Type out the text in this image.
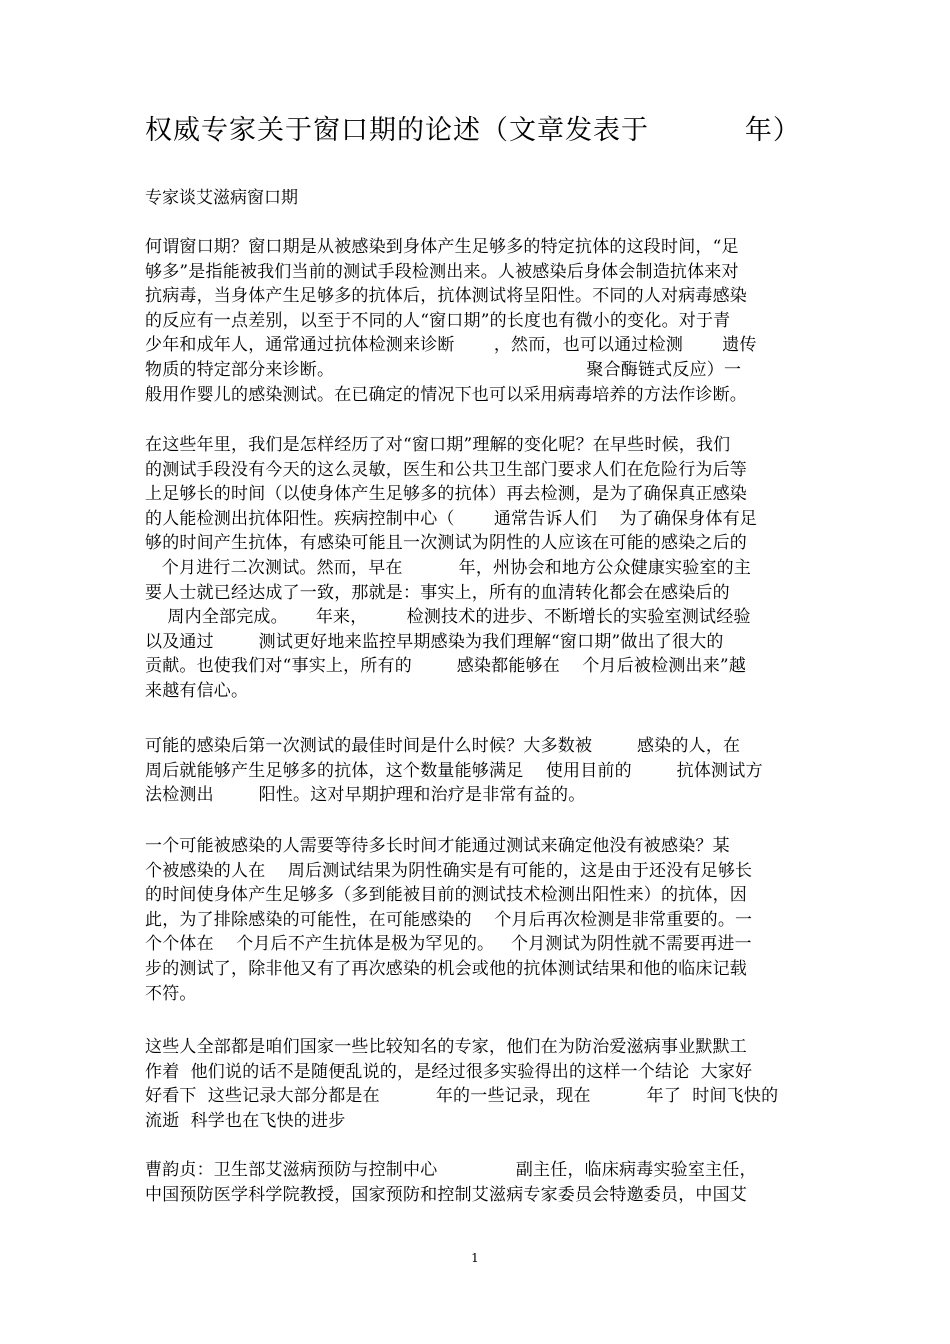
权威专家关于窗口期的论述（文章发表于          年）

专家谈艾滋病窗口期

何谓窗口期？窗口期是从被感染到身体产生足够多的特定抗体的这段时间，“足
够多”是指能被我们当前的测试手段检测出来。人被感染后身体会制造抗体来对
抗病毒，当身体产生足够多的抗体后，抗体测试将呈阳性。不同的人对病毒感染
的反应有一点差别，以至于不同的人“窗口期”的长度也有微小的变化。对于青
少年和成年人，通常通过抗体检测来诊断       ，然而，也可以通过检测       遗传
物质的特定部分来诊断。                                             聚合酶链式反应）一
般用作婴儿的感染测试。在已确定的情况下也可以采用病毒培养的方法作诊断。
在这些年里，我们是怎样经历了对“窗口期”理解的变化呢？在早些时候，我们
的测试手段没有今天的这么灵敏，医生和公共卫生部门要求人们在危险行为后等
上足够长的时间（以使身体产生足够多的抗体）再去检测，是为了确保真正感染
的人能检测出抗体阳性。疾病控制中心（       通常告诉人们    为了确保身体有足
够的时间产生抗体，有感染可能且一次测试为阴性的人应该在可能的感染之后的
个月进行二次测试。然而，早在          年，州协会和地方公众健康实验室的主
要人士就已经达成了一致，那就是：事实上，所有的血清转化都会在感染后的
周内全部完成。     年来，       检测技术的进步、不断增长的实验室测试经验
以及通过        测试更好地来监控早期感染为我们理解“窗口期”做出了很大的
贡献。也使我们对“事实上，所有的        感染都能够在    个月后被检测出来”越
来越有信心。
可能的感染后第一次测试的最佳时间是什么时候？大多数被        感染的人，在
周后就能够产生足够多的抗体，这个数量能够满足    使用目前的        抗体测试方
法检测出        阳性。这对早期护理和治疗是非常有益的。
一个可能被感染的人需要等待多长时间才能通过测试来确定他没有被感染？某
个被感染的人在    周后测试结果为阴性确实是有可能的，这是由于还没有足够长
的时间使身体产生足够多（多到能被目前的测试技术检测出阳性来）的抗体，因
此，为了排除感染的可能性，在可能感染的    个月后再次检测是非常重要的。一
个个体在    个月后不产生抗体是极为罕见的。   个月测试为阴性就不需要再进一
步的测试了，除非他又有了再次感染的机会或他的抗体测试结果和他的临床记载
不符。
这些人全部都是咱们国家一些比较知名的专家，他们在为防治爱滋病事业默默工
作着  他们说的话不是随便乱说的，是经过很多实验得出的这样一个结论  大家好
好看下  这些记录大部分都是在          年的一些记录，现在          年了  时间飞快的
流逝  科学也在飞快的进步
曹韵贞：卫生部艾滋病预防与控制中心              副主任，临床病毒实验室主任，
中国预防医学科学院教授，国家预防和控制艾滋病专家委员会特邀委员，中国艾

1
